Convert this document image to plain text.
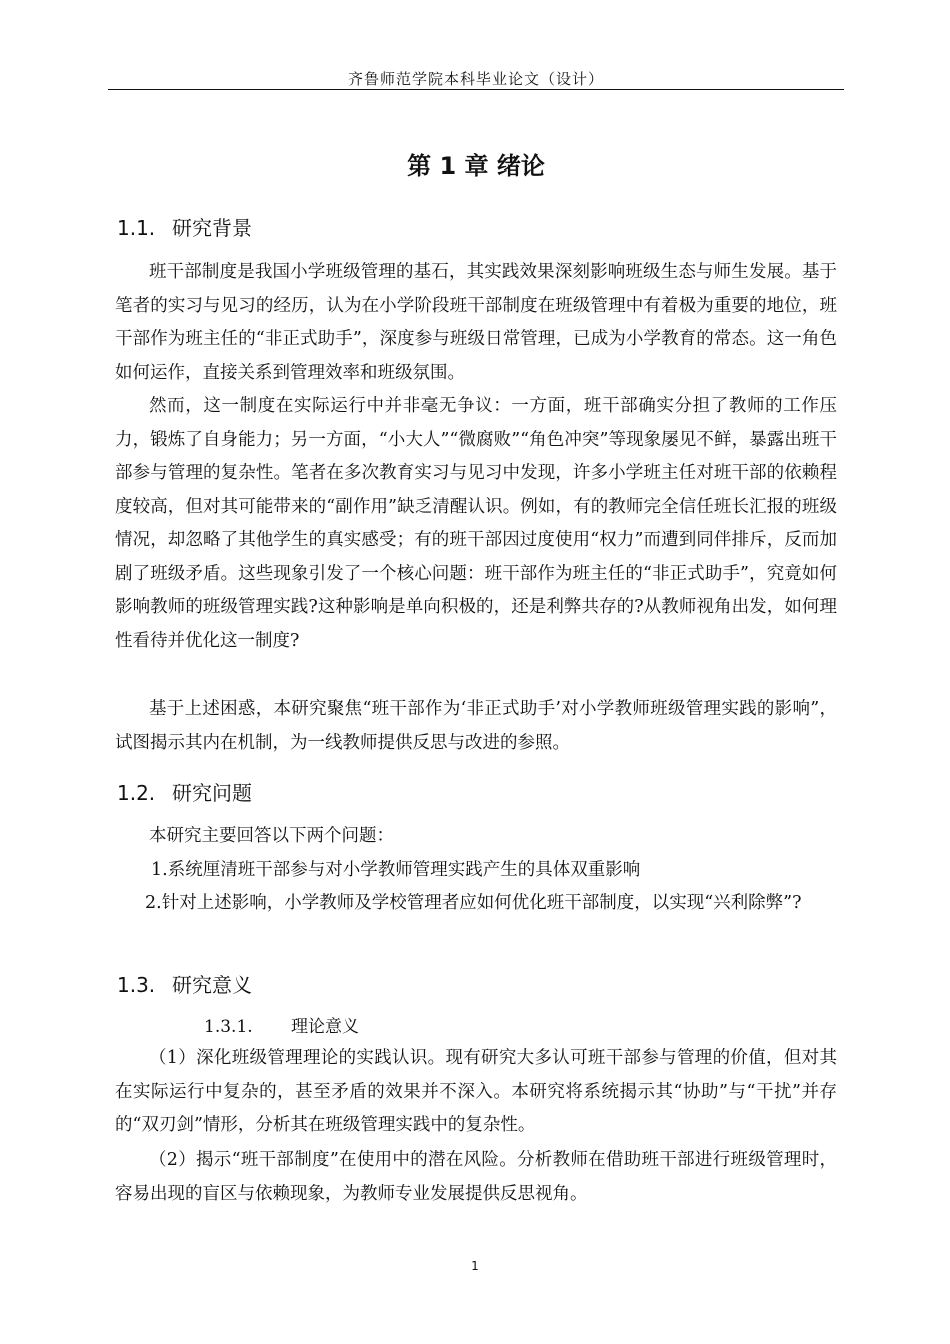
齐鲁师范学院本科毕业论文（设计）
第 1 章 绪论
1.1. 研究背景

班干部制度是我国小学班级管理的基石，其实践效果深刻影响班级生态与师生发展。基于笔者的实习与见习的经历，认为在小学阶段班干部制度在班级管理中有着极为重要的地位，班干部作为班主任的“非正式助手”，深度参与班级日常管理，已成为小学教育的常态。这一角色如何运作，直接关系到管理效率和班级氛围。

然而，这一制度在实际运行中并非毫无争议：一方面，班干部确实分担了教师的工作压力，锻炼了自身能力；另一方面，“小大人”“微腐败”“角色冲突”等现象屡见不鲜，暴露出班干部参与管理的复杂性。笔者在多次教育实习与见习中发现，许多小学班主任对班干部的依赖程度较高，但对其可能带来的“副作用”缺乏清醒认识。例如，有的教师完全信任班长汇报的班级情况，却忽略了其他学生的真实感受；有的班干部因过度使用“权力”而遭到同伴排斥，反而加剧了班级矛盾。这些现象引发了一个核心问题：班干部作为班主任的“非正式助手”，究竟如何影响教师的班级管理实践?这种影响是单向积极的，还是利弊共存的?从教师视角出发，如何理性看待并优化这一制度?

基于上述困惑，本研究聚焦“班干部作为‘非正式助手’对小学教师班级管理实践的影响”，试图揭示其内在机制，为一线教师提供反思与改进的参照。

1.2. 研究问题

本研究主要回答以下两个问题：

1.系统厘清班干部参与对小学教师管理实践产生的具体双重影响

2.针对上述影响，小学教师及学校管理者应如何优化班干部制度，以实现“兴利除弊”?

1.3. 研究意义
1.3.1. 理论意义

（1）深化班级管理理论的实践认识。现有研究大多认可班干部参与管理的价值，但对其在实际运行中复杂的，甚至矛盾的效果并不深入。本研究将系统揭示其“协助”与“干扰”并存的“双刃剑”情形，分析其在班级管理实践中的复杂性。

（2）揭示“班干部制度”在使用中的潜在风险。分析教师在借助班干部进行班级管理时，容易出现的盲区与依赖现象，为教师专业发展提供反思视角。

1
